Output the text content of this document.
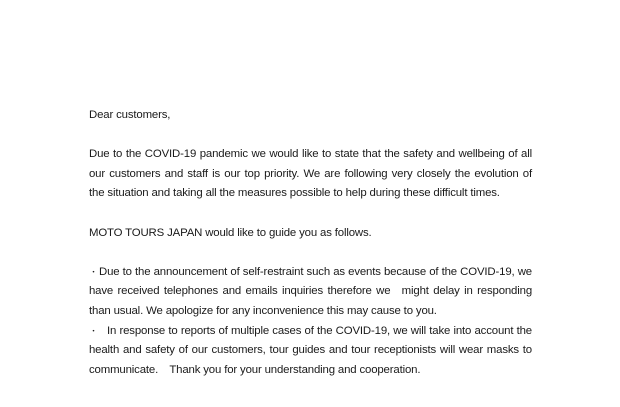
Dear customers,

Due to the COVID-19 pandemic we would like to state that the safety and wellbeing of all our customers and staff is our top priority. We are following very closely the evolution of the situation and taking all the measures possible to help during these difficult times.

MOTO TOURS JAPAN would like to guide you as follows.

・Due to the announcement of self-restraint such as events because of the COVID-19, we have received telephones and emails inquiries therefore we might delay in responding than usual. We apologize for any inconvenience this may cause to you.

・ In response to reports of multiple cases of the COVID-19, we will take into account the health and safety of our customers, tour guides and tour receptionists will wear masks to communicate. Thank you for your understanding and cooperation.
